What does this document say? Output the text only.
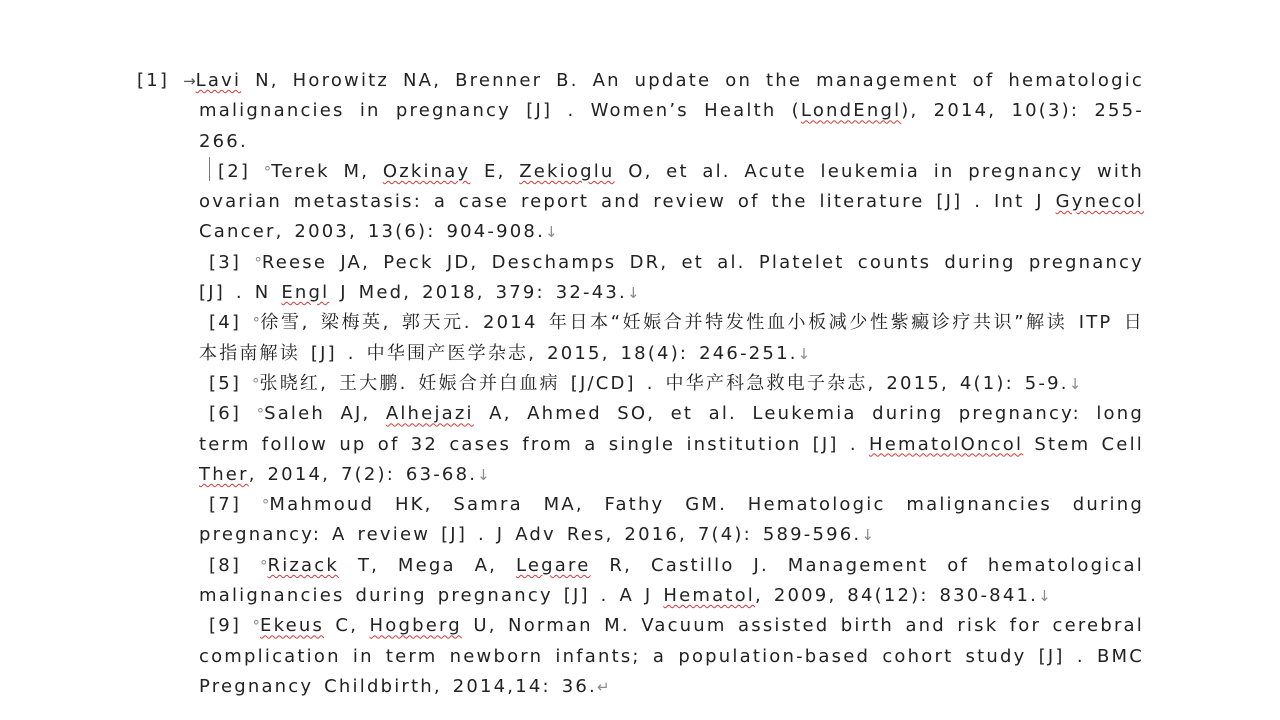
[1] →Lavi N, Horowitz NA, Brenner B. An update on the management of hematologic malignancies in pregnancy [J] . Women’s Health (LondEngl), 2014, 10(3): 255-266.
[2] °Terek M, Ozkinay E, Zekioglu O, et al. Acute leukemia in pregnancy with ovarian metastasis: a case report and review of the literature [J] . Int J Gynecol Cancer, 2003, 13(6): 904-908.↓
[3] °Reese JA, Peck JD, Deschamps DR, et al. Platelet counts during pregnancy [J] . N Engl J Med, 2018, 379: 32-43.↓
[4] °徐雪, 梁梅英, 郭天元. 2014 年日本“妊娠合并特发性血小板减少性紫癜诊疗共识”解读 ITP 日本指南解读 [J] . 中华围产医学杂志, 2015, 18(4): 246-251.↓
[5] °张晓红, 王大鹏. 妊娠合并白血病 [J/CD] . 中华产科急救电子杂志, 2015, 4(1): 5-9.↓
[6] °Saleh AJ, Alhejazi A, Ahmed SO, et al. Leukemia during pregnancy: long term follow up of 32 cases from a single institution [J] . HematolOncol Stem Cell Ther, 2014, 7(2): 63-68.↓
[7] °Mahmoud HK, Samra MA, Fathy GM. Hematologic malignancies during pregnancy: A review [J] . J Adv Res, 2016, 7(4): 589-596.↓
[8] °Rizack T, Mega A, Legare R, Castillo J. Management of hematological malignancies during pregnancy [J] . A J Hematol, 2009, 84(12): 830-841.↓
[9] °Ekeus C, Hogberg U, Norman M. Vacuum assisted birth and risk for cerebral complication in term newborn infants; a population-based cohort study [J] . BMC Pregnancy Childbirth, 2014,14: 36.↵
